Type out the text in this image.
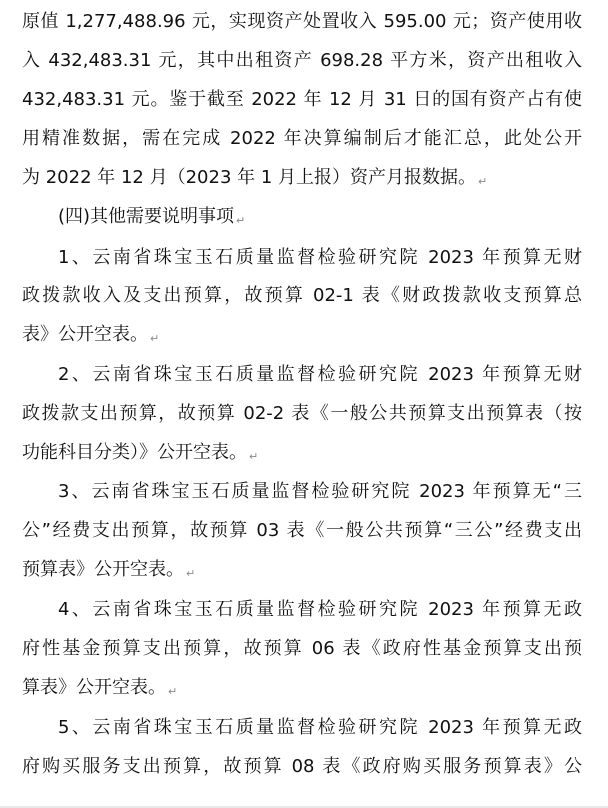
原值 1,277,488.96 元，实现资产处置收入 595.00 元；资产使用收
入 432,483.31 元，其中出租资产 698.28 平方米，资产出租收入
432,483.31 元。鉴于截至 2022 年 12 月 31 日的国有资产占有使
用精准数据，需在完成 2022 年决算编制后才能汇总，此处公开
为 2022 年 12 月（2023 年 1 月上报）资产月报数据。 ↵
(四)其他需要说明事项 ↵
1、云南省珠宝玉石质量监督检验研究院 2023 年预算无财
政拨款收入及支出预算，故预算 02-1 表《财政拨款收支预算总
表》公开空表。 ↵
2、云南省珠宝玉石质量监督检验研究院 2023 年预算无财
政拨款支出预算，故预算 02-2 表《一般公共预算支出预算表（按
功能科目分类）》公开空表。 ↵
3、云南省珠宝玉石质量监督检验研究院 2023 年预算无“三
公”经费支出预算，故预算 03 表《一般公共预算“三公”经费支出
预算表》公开空表。 ↵
4、云南省珠宝玉石质量监督检验研究院 2023 年预算无政
府性基金预算支出预算，故预算 06 表《政府性基金预算支出预
算表》公开空表。 ↵
5、云南省珠宝玉石质量监督检验研究院 2023 年预算无政
府购买服务支出预算，故预算 08 表《政府购买服务预算表》公
